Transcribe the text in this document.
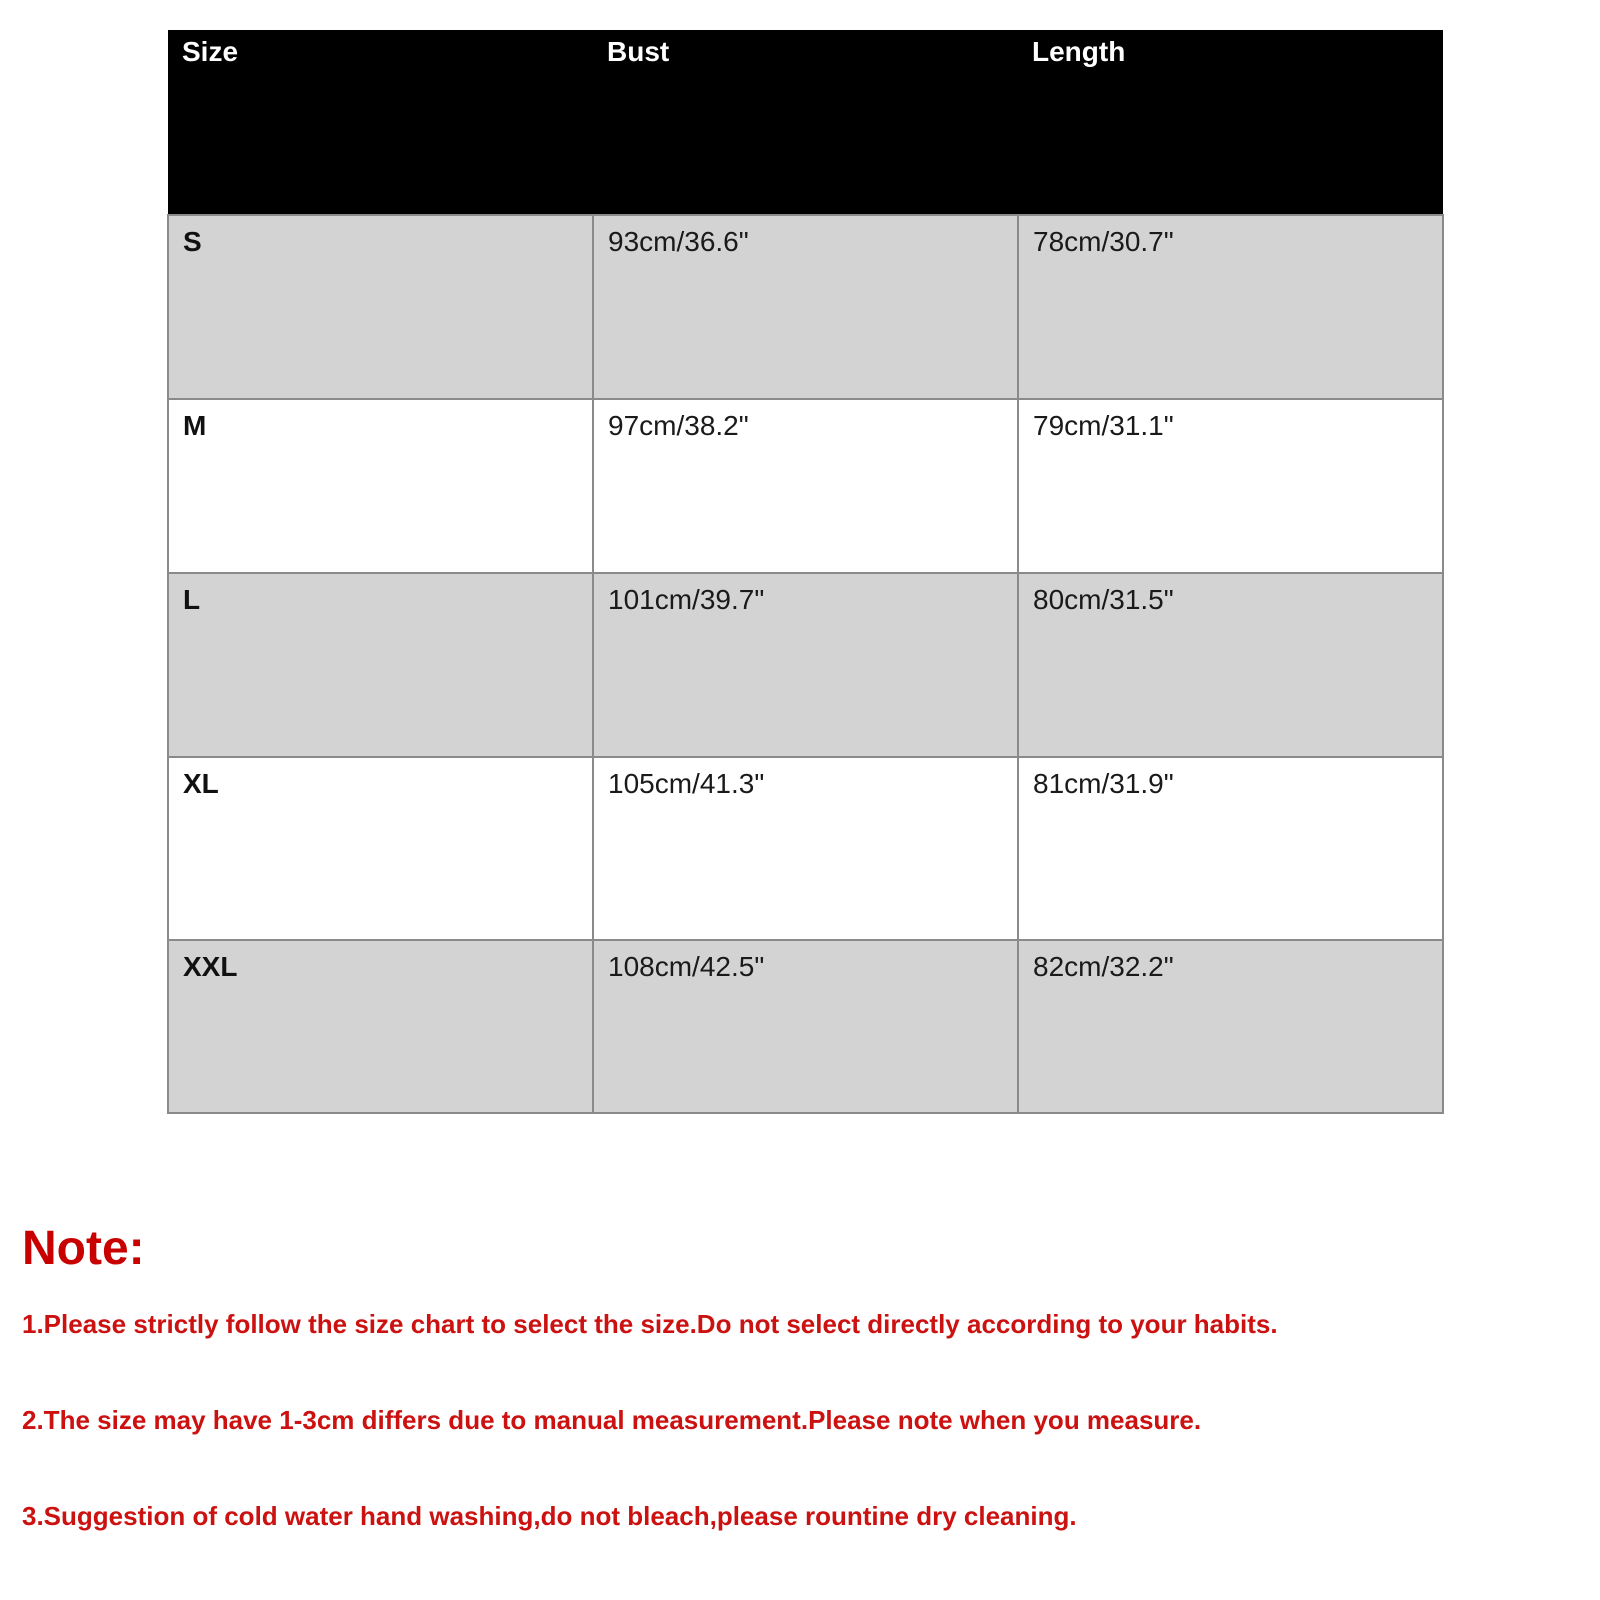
Size	Bust	Length
S	93cm/36.6"	78cm/30.7"
M	97cm/38.2"	79cm/31.1"
L	101cm/39.7"	80cm/31.5"
XL	105cm/41.3"	81cm/31.9"
XXL	108cm/42.5"	82cm/32.2"
Note:
1.Please strictly follow the size chart to select the size.Do not select directly according to your habits.
2.The size may have 1-3cm differs due to manual measurement.Please note when you measure.
3.Suggestion of cold water hand washing,do not bleach,please rountine dry cleaning.
